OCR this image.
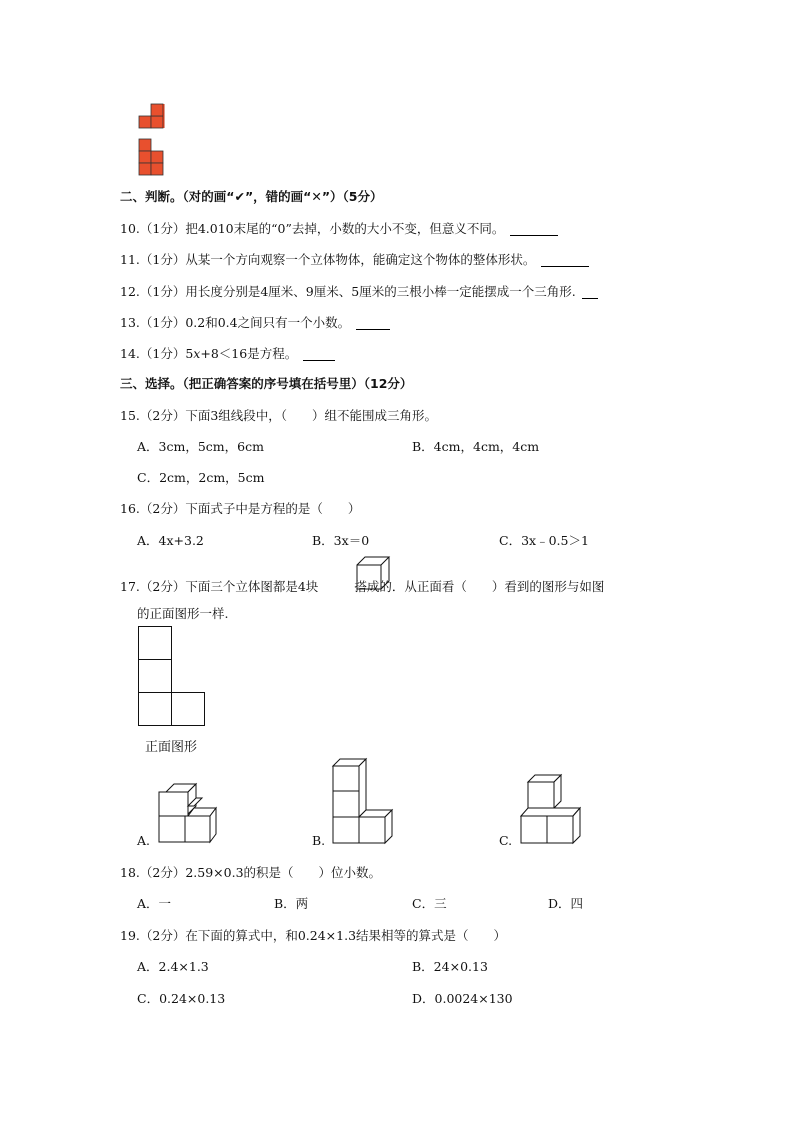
二、判断。（对的画“✔”，错的画“✕”）（5分）
10.（1分）把4.010末尾的“0”去掉，小数的大小不变，但意义不同。
11.（1分）从某一个方向观察一个立体物体，能确定这个物体的整体形状。
12.（1分）用长度分别是4厘米、9厘米、5厘米的三根小棒一定能摆成一个三角形.
13.（1分）0.2和0.4之间只有一个小数。
14.（1分）5x+8＜16是方程。
三、选择。（把正确答案的序号填在括号里）（12分）
15.（2分）下面3组线段中，（　　）组不能围成三角形。
A．3cm，5cm，6cm	B．4cm，4cm，4cm
C．2cm，2cm，5cm
16.（2分）下面式子中是方程的是（　　）
A．4x+3.2	B．3x＝0	C．3x﹣0.5＞1
17.（2分）下面三个立体图都是4块	搭成的．从正面看（　　）看到的图形与如图
的正面图形一样.
正面图形
A.	B.	C.
18.（2分）2.59×0.3的积是（　　）位小数。
A．一	B．两	C．三	D．四
19.（2分）在下面的算式中，和0.24×1.3结果相等的算式是（　　）
A．2.4×1.3	B．24×0.13
C．0.24×0.13	D．0.0024×130
